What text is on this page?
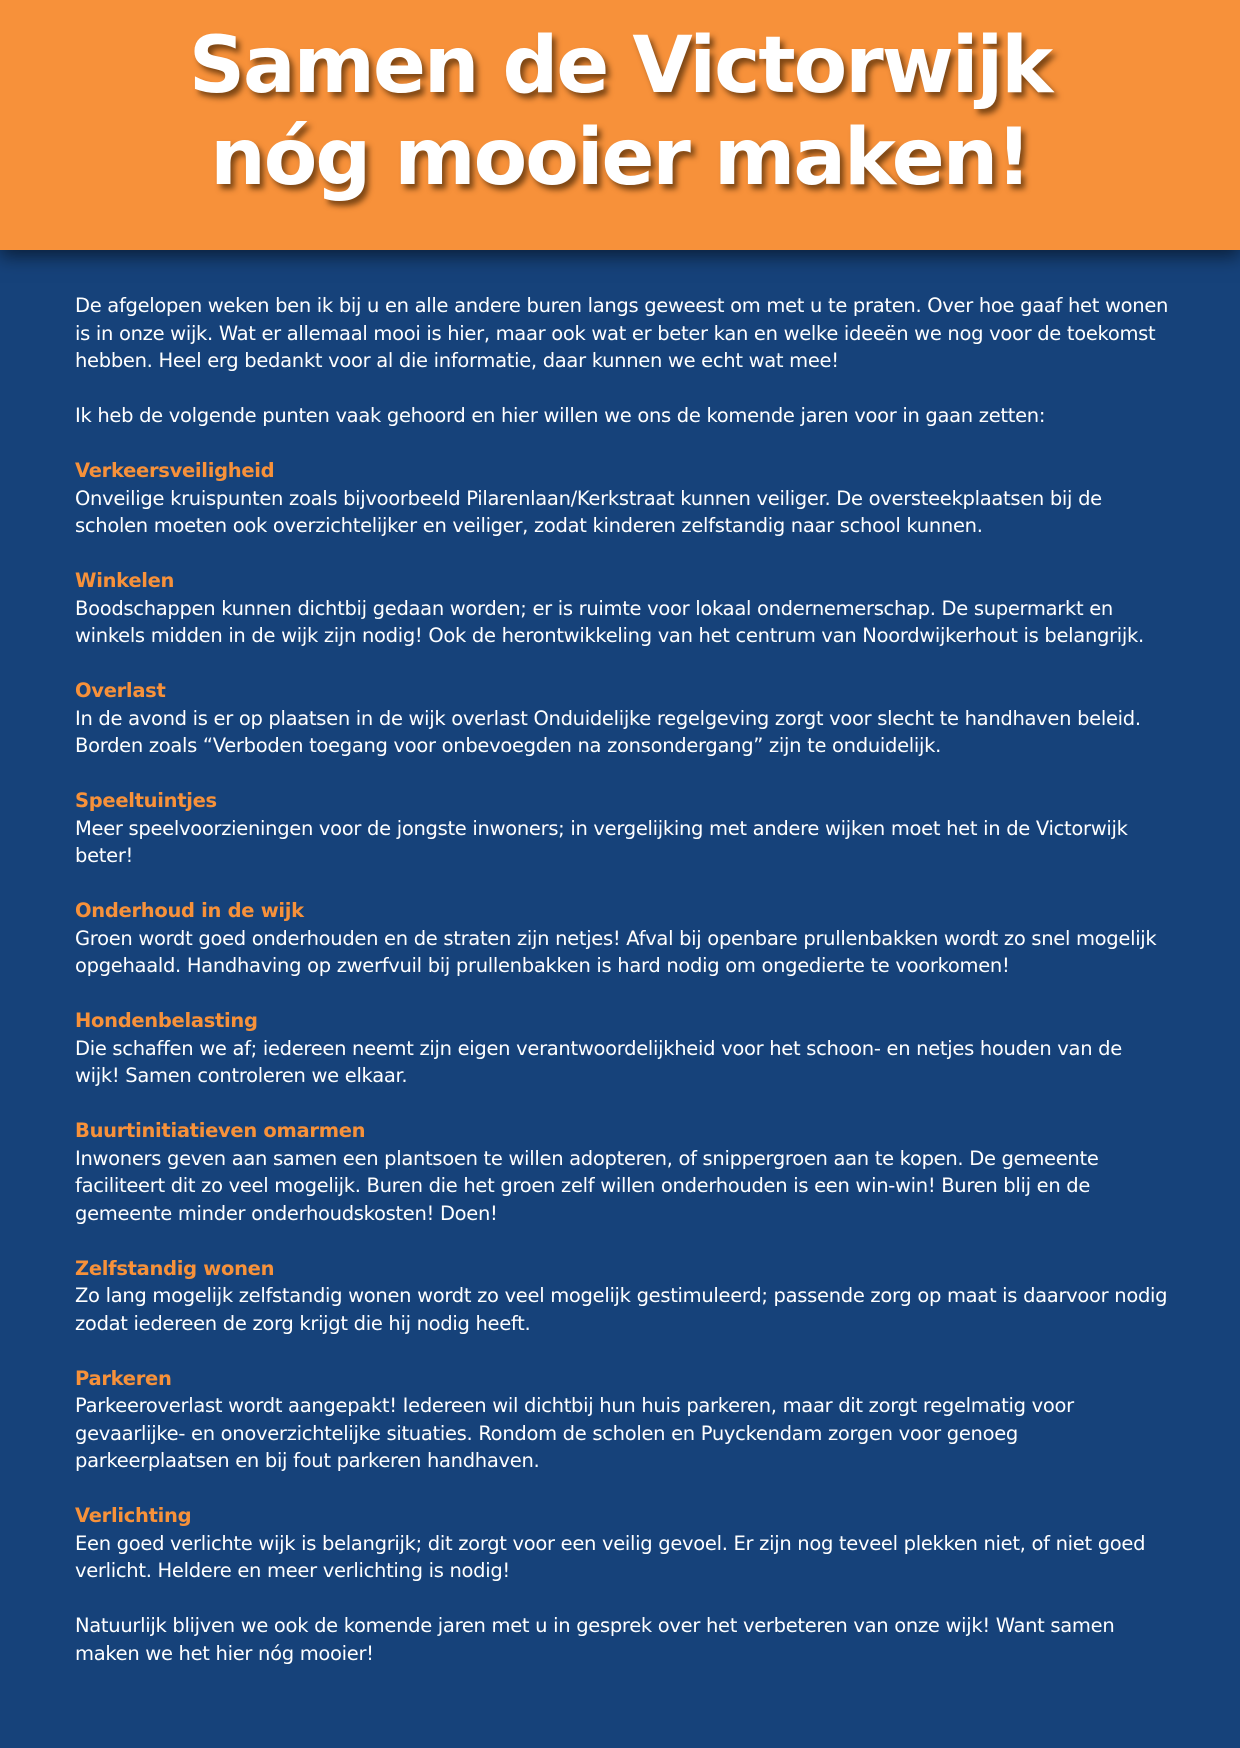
Samen de Victorwijk
nóg mooier maken!

De afgelopen weken ben ik bij u en alle andere buren langs geweest om met u te praten. Over hoe gaaf het wonen is in onze wijk. Wat er allemaal mooi is hier, maar ook wat er beter kan en welke ideeën we nog voor de toekomst hebben. Heel erg bedankt voor al die informatie, daar kunnen we echt wat mee!

Ik heb de volgende punten vaak gehoord en hier willen we ons de komende jaren voor in gaan zetten:

Verkeersveiligheid

Onveilige kruispunten zoals bijvoorbeeld Pilarenlaan/Kerkstraat kunnen veiliger. De oversteekplaatsen bij de scholen moeten ook overzichtelijker en veiliger, zodat kinderen zelfstandig naar school kunnen.

Winkelen

Boodschappen kunnen dichtbij gedaan worden; er is ruimte voor lokaal ondernemerschap. De supermarkt en winkels midden in de wijk zijn nodig! Ook de herontwikkeling van het centrum van Noordwijkerhout is belangrijk.

Overlast

In de avond is er op plaatsen in de wijk overlast Onduidelijke regelgeving zorgt voor slecht te handhaven beleid. Borden zoals “Verboden toegang voor onbevoegden na zonsondergang” zijn te onduidelijk.

Speeltuintjes

Meer speelvoorzieningen voor de jongste inwoners; in vergelijking met andere wijken moet het in de Victorwijk beter!

Onderhoud in de wijk

Groen wordt goed onderhouden en de straten zijn netjes! Afval bij openbare prullenbakken wordt zo snel mogelijk opgehaald. Handhaving op zwerfvuil bij prullenbakken is hard nodig om ongedierte te voorkomen!

Hondenbelasting

Die schaffen we af; iedereen neemt zijn eigen verantwoordelijkheid voor het schoon- en netjes houden van de wijk! Samen controleren we elkaar.

Buurtinitiatieven omarmen

Inwoners geven aan samen een plantsoen te willen adopteren, of snippergroen aan te kopen. De gemeente faciliteert dit zo veel mogelijk. Buren die het groen zelf willen onderhouden is een win-win! Buren blij en de gemeente minder onderhoudskosten! Doen!

Zelfstandig wonen

Zo lang mogelijk zelfstandig wonen wordt zo veel mogelijk gestimuleerd; passende zorg op maat is daarvoor nodig zodat iedereen de zorg krijgt die hij nodig heeft.

Parkeren

Parkeeroverlast wordt aangepakt! Iedereen wil dichtbij hun huis parkeren, maar dit zorgt regelmatig voor gevaarlijke- en onoverzichtelijke situaties. Rondom de scholen en Puyckendam zorgen voor genoeg parkeerplaatsen en bij fout parkeren handhaven.

Verlichting

Een goed verlichte wijk is belangrijk; dit zorgt voor een veilig gevoel. Er zijn nog teveel plekken niet, of niet goed verlicht. Heldere en meer verlichting is nodig!

Natuurlijk blijven we ook de komende jaren met u in gesprek over het verbeteren van onze wijk! Want samen maken we het hier nóg mooier!
